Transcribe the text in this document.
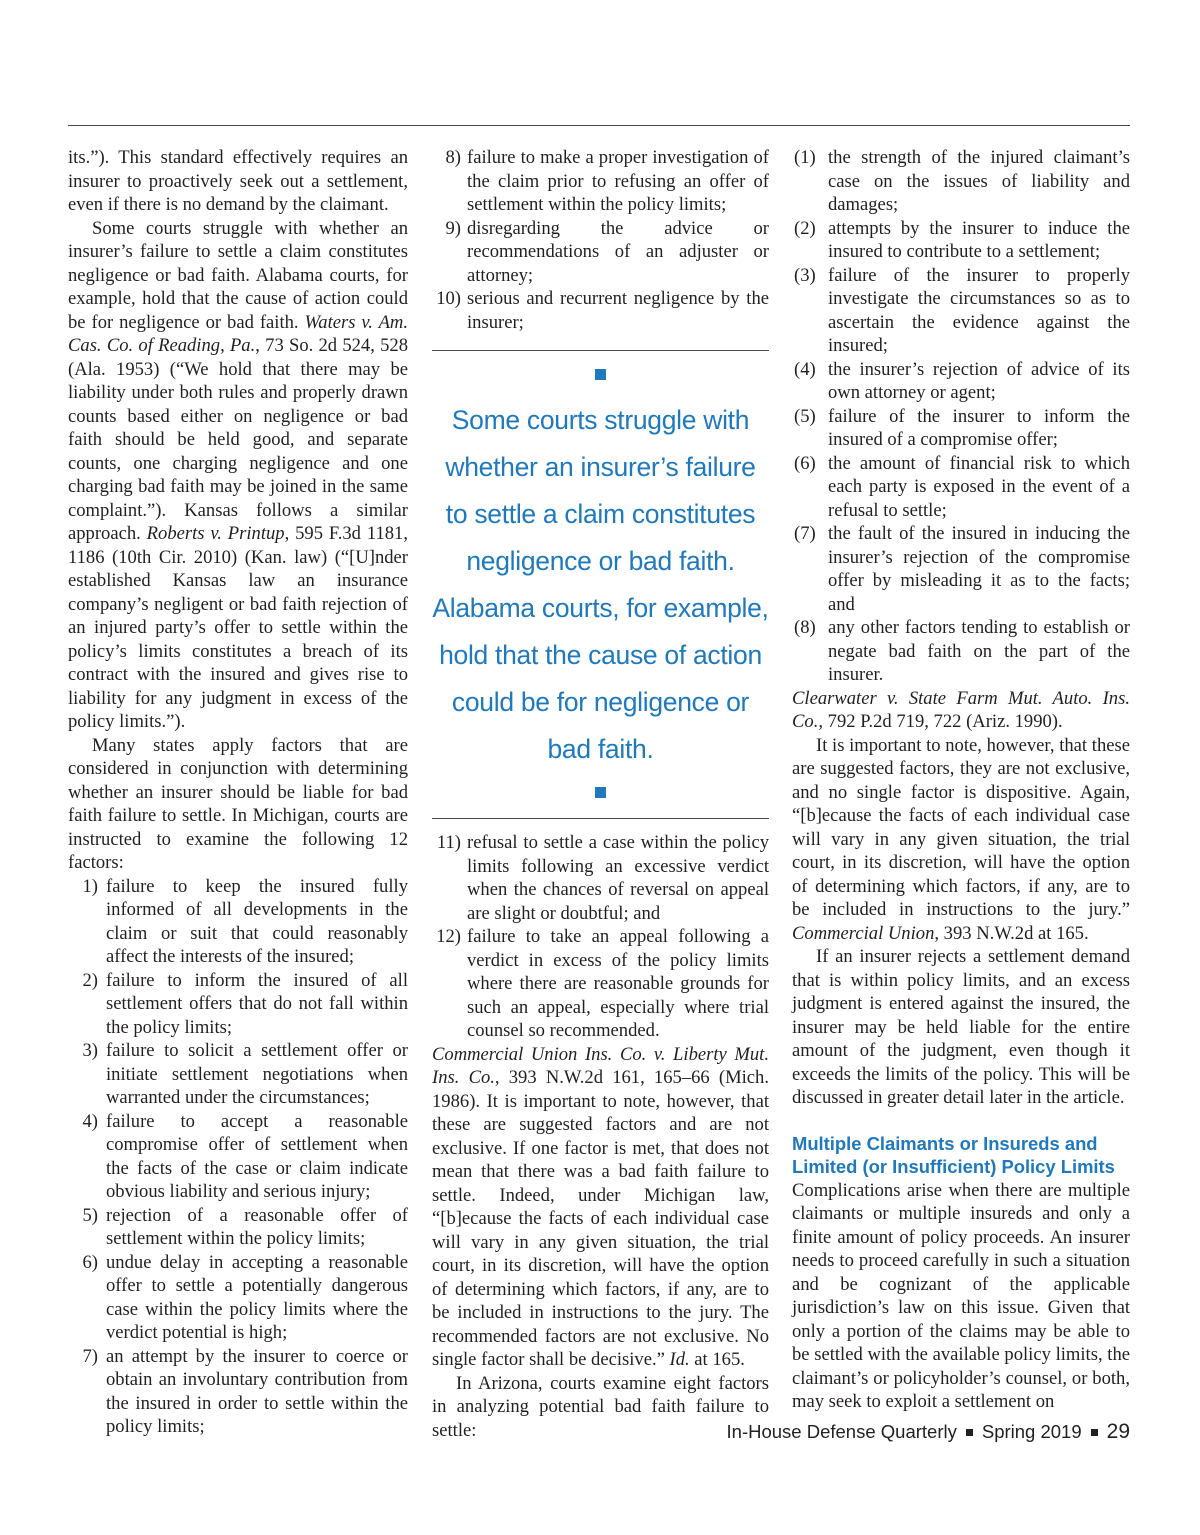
its.”). This standard effectively requires an insurer to proactively seek out a settlement, even if there is no demand by the claimant.

Some courts struggle with whether an insurer’s failure to settle a claim constitutes negligence or bad faith. Alabama courts, for example, hold that the cause of action could be for negligence or bad faith. Waters v. Am. Cas. Co. of Reading, Pa., 73 So. 2d 524, 528 (Ala. 1953) (“We hold that there may be liability under both rules and properly drawn counts based either on negligence or bad faith should be held good, and separate counts, one charging negligence and one charging bad faith may be joined in the same complaint.”). Kansas follows a similar approach. Roberts v. Printup, 595 F.3d 1181, 1186 (10th Cir. 2010) (Kan. law) (“[U]nder established Kansas law an insurance company’s negligent or bad faith rejection of an injured party’s offer to settle within the policy’s limits constitutes a breach of its contract with the insured and gives rise to liability for any judgment in excess of the policy limits.”).

Many states apply factors that are considered in conjunction with determining whether an insurer should be liable for bad faith failure to settle. In Michigan, courts are instructed to examine the following 12 factors:

1) failure to keep the insured fully informed of all developments in the claim or suit that could reasonably affect the interests of the insured;
2) failure to inform the insured of all settlement offers that do not fall within the policy limits;
3) failure to solicit a settlement offer or initiate settlement negotiations when warranted under the circumstances;
4) failure to accept a reasonable compromise offer of settlement when the facts of the case or claim indicate obvious liability and serious injury;
5) rejection of a reasonable offer of settlement within the policy limits;
6) undue delay in accepting a reasonable offer to settle a potentially dangerous case within the policy limits where the verdict potential is high;
7) an attempt by the insurer to coerce or obtain an involuntary contribution from the insured in order to settle within the policy limits;
8) failure to make a proper investigation of the claim prior to refusing an offer of settlement within the policy limits;
9) disregarding the advice or recommendations of an adjuster or attorney;
10) serious and recurrent negligence by the insurer;
Some courts struggle with whether an insurer’s failure to settle a claim constitutes negligence or bad faith. Alabama courts, for example, hold that the cause of action could be for negligence or bad faith.
11) refusal to settle a case within the policy limits following an excessive verdict when the chances of reversal on appeal are slight or doubtful; and
12) failure to take an appeal following a verdict in excess of the policy limits where there are reasonable grounds for such an appeal, especially where trial counsel so recommended.

Commercial Union Ins. Co. v. Liberty Mut. Ins. Co., 393 N.W.2d 161, 165–66 (Mich. 1986). It is important to note, however, that these are suggested factors and are not exclusive. If one factor is met, that does not mean that there was a bad faith failure to settle. Indeed, under Michigan law, “[b]ecause the facts of each individual case will vary in any given situation, the trial court, in its discretion, will have the option of determining which factors, if any, are to be included in instructions to the jury. The recommended factors are not exclusive. No single factor shall be decisive.” Id. at 165.

In Arizona, courts examine eight factors in analyzing potential bad faith failure to settle:

(1) the strength of the injured claimant’s case on the issues of liability and damages;
(2) attempts by the insurer to induce the insured to contribute to a settlement;
(3) failure of the insurer to properly investigate the circumstances so as to ascertain the evidence against the insured;
(4) the insurer’s rejection of advice of its own attorney or agent;
(5) failure of the insurer to inform the insured of a compromise offer;
(6) the amount of financial risk to which each party is exposed in the event of a refusal to settle;
(7) the fault of the insured in inducing the insurer’s rejection of the compromise offer by misleading it as to the facts; and
(8) any other factors tending to establish or negate bad faith on the part of the insurer.

Clearwater v. State Farm Mut. Auto. Ins. Co., 792 P.2d 719, 722 (Ariz. 1990).

It is important to note, however, that these are suggested factors, they are not exclusive, and no single factor is dispositive. Again, “[b]ecause the facts of each individual case will vary in any given situation, the trial court, in its discretion, will have the option of determining which factors, if any, are to be included in instructions to the jury.” Commercial Union, 393 N.W.2d at 165.

If an insurer rejects a settlement demand that is within policy limits, and an excess judgment is entered against the insured, the insurer may be held liable for the entire amount of the judgment, even though it exceeds the limits of the policy. This will be discussed in greater detail later in the article.

Multiple Claimants or Insureds and Limited (or Insufficient) Policy Limits

Complications arise when there are multiple claimants or multiple insureds and only a finite amount of policy proceeds. An insurer needs to proceed carefully in such a situation and be cognizant of the applicable jurisdiction’s law on this issue. Given that only a portion of the claims may be able to be settled with the available policy limits, the claimant’s or policyholder’s counsel, or both, may seek to exploit a settlement on

In-House Defense Quarterly Spring 2019 29
